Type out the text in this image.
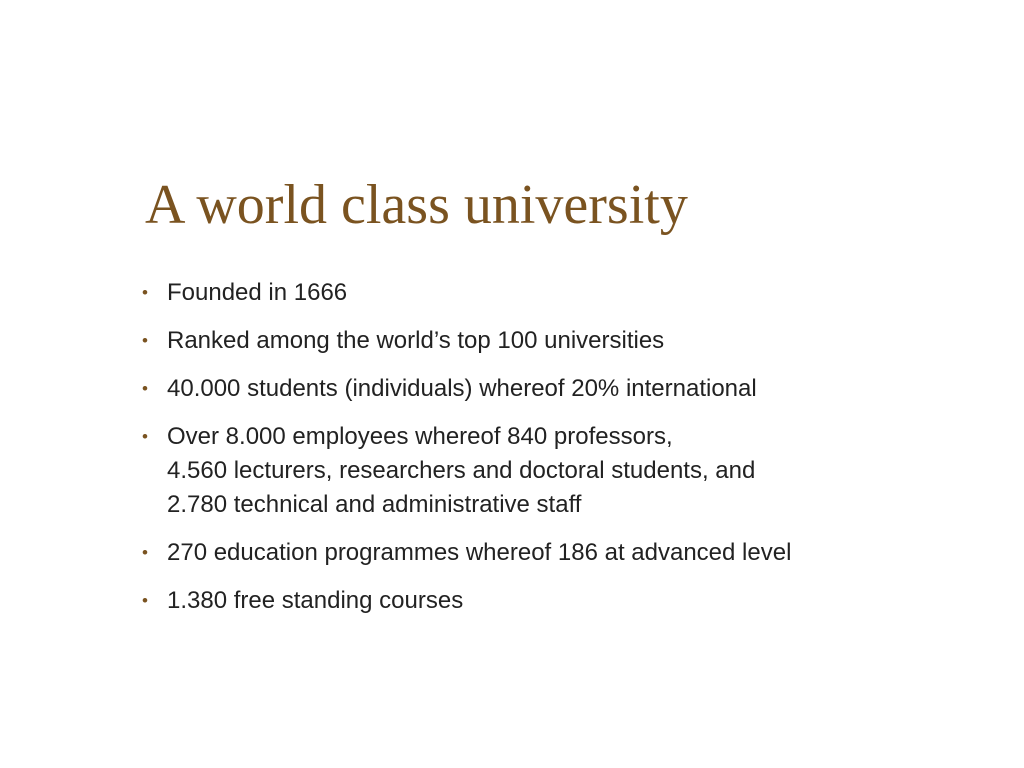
A world class university
• Founded in 1666
• Ranked among the world’s top 100 universities
• 40.000 students (individuals) whereof 20% international
• Over 8.000 employees whereof 840 professors,
4.560 lecturers, researchers and doctoral students, and
2.780 technical and administrative staff
• 270 education programmes whereof 186 at advanced level
• 1.380 free standing courses
